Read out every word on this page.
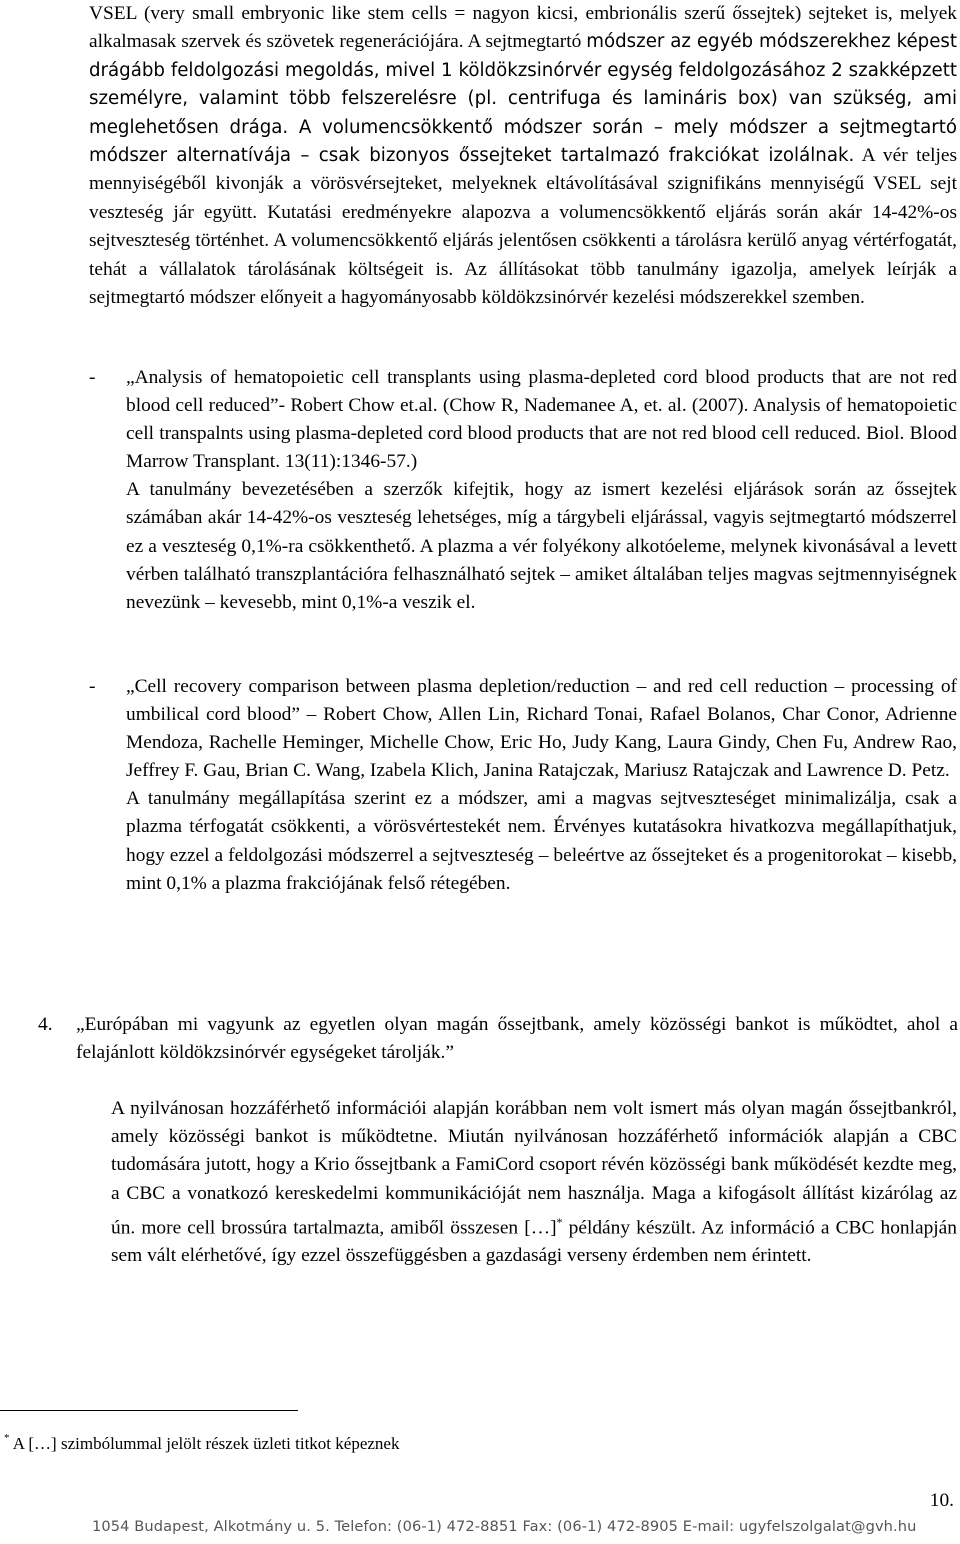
VSEL (very small embryonic like stem cells = nagyon kicsi, embrionális szerű őssejtek) sejteket is, melyek alkalmasak szervek és szövetek regenerációjára. A sejtmegtartó módszer az egyéb módszerekhez képest drágább feldolgozási megoldás, mivel 1 köldökzsinórvér egység feldolgozásához 2 szakképzett személyre, valamint több felszerelésre (pl. centrifuga és lamináris box) van szükség, ami meglehetősen drága. A volumencsökkentő módszer során – mely módszer a sejtmegtartó módszer alternatívája – csak bizonyos őssejteket tartalmazó frakciókat izolálnak. A vér teljes mennyiségéből kivonják a vörösvérsejteket, melyeknek eltávolításával szignifikáns mennyiségű VSEL sejt veszteség jár együtt. Kutatási eredményekre alapozva a volumencsökkentő eljárás során akár 14-42%-os sejtveszteség történhet. A volumencsökkentő eljárás jelentősen csökkenti a tárolásra kerülő anyag vértérfogatát, tehát a vállalatok tárolásának költségeit is. Az állításokat több tanulmány igazolja, amelyek leírják a sejtmegtartó módszer előnyeit a hagyományosabb köldökzsinórvér kezelési módszerekkel szemben.
- „Analysis of hematopoietic cell transplants using plasma-depleted cord blood products that are not red blood cell reduced”- Robert Chow et.al. (Chow R, Nademanee A, et. al. (2007). Analysis of hematopoietic cell transpalnts using plasma-depleted cord blood products that are not red blood cell reduced. Biol. Blood Marrow Transplant. 13(11):1346-57.)

A tanulmány bevezetésében a szerzők kifejtik, hogy az ismert kezelési eljárások során az őssejtek számában akár 14-42%-os veszteség lehetséges, míg a tárgybeli eljárással, vagyis sejtmegtartó módszerrel ez a veszteség 0,1%-ra csökkenthető. A plazma a vér folyékony alkotóeleme, melynek kivonásával a levett vérben található transzplantációra felhasználható sejtek – amiket általában teljes magvas sejtmennyiségnek nevezünk – kevesebb, mint 0,1%-a veszik el.

- „Cell recovery comparison between plasma depletion/reduction – and red cell reduction – processing of umbilical cord blood” – Robert Chow, Allen Lin, Richard Tonai, Rafael Bolanos, Char Conor, Adrienne Mendoza, Rachelle Heminger, Michelle Chow, Eric Ho, Judy Kang, Laura Gindy, Chen Fu, Andrew Rao, Jeffrey F. Gau, Brian C. Wang, Izabela Klich, Janina Ratajczak, Mariusz Ratajczak and Lawrence D. Petz.

A tanulmány megállapítása szerint ez a módszer, ami a magvas sejtveszteséget minimalizálja, csak a plazma térfogatát csökkenti, a vörösvértestekét nem. Érvényes kutatásokra hivatkozva megállapíthatjuk, hogy ezzel a feldolgozási módszerrel a sejtveszteség – beleértve az őssejteket és a progenitorokat – kisebb, mint 0,1% a plazma frakciójának felső rétegében.

4. „Európában mi vagyunk az egyetlen olyan magán őssejtbank, amely közösségi bankot is működtet, ahol a felajánlott köldökzsinórvér egységeket tárolják.”
A nyilvánosan hozzáférhető információi alapján korábban nem volt ismert más olyan magán őssejtbankról, amely közösségi bankot is működtetne. Miután nyilvánosan hozzáférhető információk alapján a CBC tudomására jutott, hogy a Krio őssejtbank a FamiCord csoport révén közösségi bank működését kezdte meg, a CBC a vonatkozó kereskedelmi kommunikációját nem használja. Maga a kifogásolt állítást kizárólag az ún. more cell brossúra tartalmazta, amiből összesen […]* példány készült. Az információ a CBC honlapján sem vált elérhetővé, így ezzel összefüggésben a gazdasági verseny érdemben nem érintett.
* A […] szimbólummal jelölt részek üzleti titkot képeznek
10.
1054 Budapest, Alkotmány u. 5. Telefon: (06-1) 472-8851 Fax: (06-1) 472-8905 E-mail: ugyfelszolgalat@gvh.hu
